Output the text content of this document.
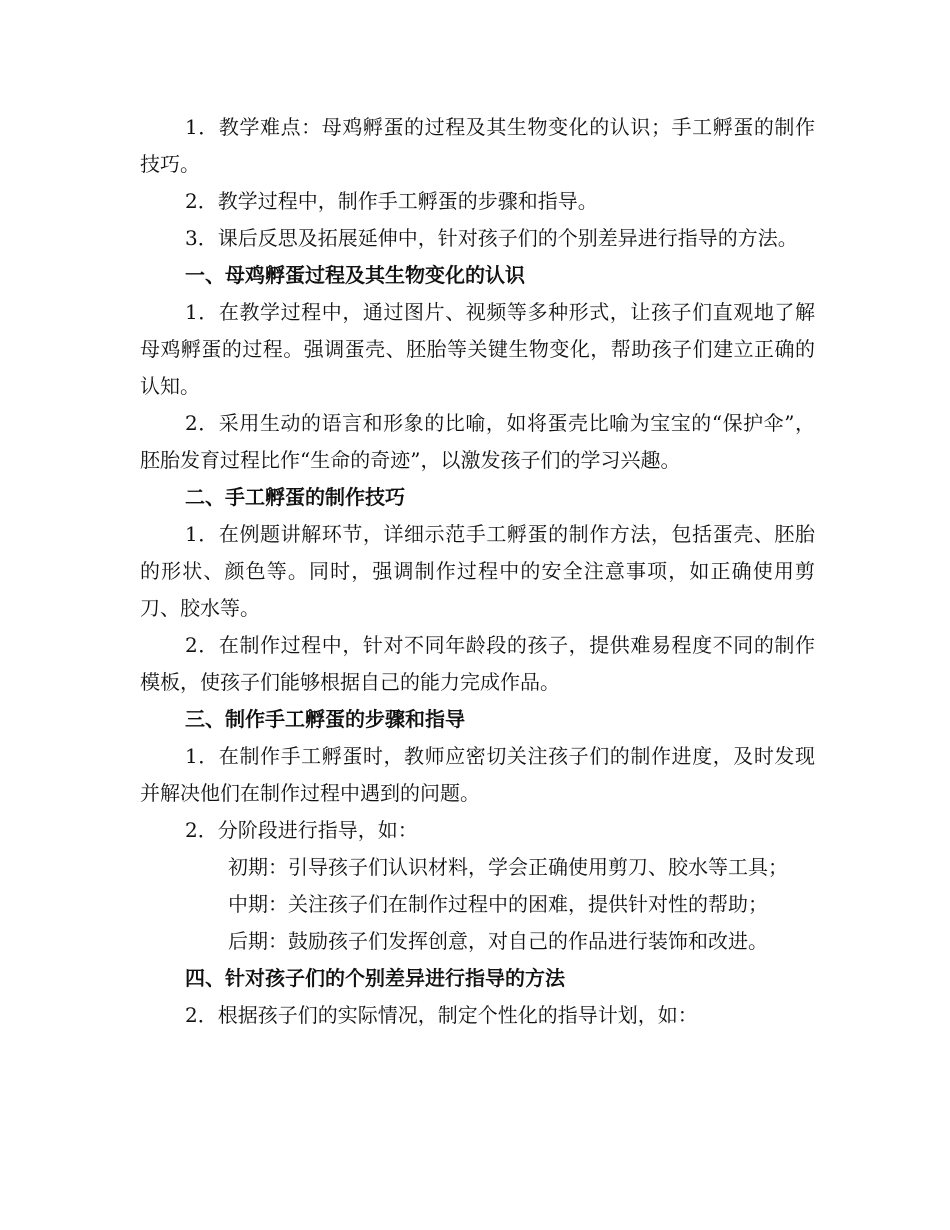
1．教学难点：母鸡孵蛋的过程及其生物变化的认识；手工孵蛋的制作技巧。

2．教学过程中，制作手工孵蛋的步骤和指导。

3．课后反思及拓展延伸中，针对孩子们的个别差异进行指导的方法。

一、母鸡孵蛋过程及其生物变化的认识

1．在教学过程中，通过图片、视频等多种形式，让孩子们直观地了解母鸡孵蛋的过程。强调蛋壳、胚胎等关键生物变化，帮助孩子们建立正确的认知。

2．采用生动的语言和形象的比喻，如将蛋壳比喻为宝宝的“保护伞”，胚胎发育过程比作“生命的奇迹”，以激发孩子们的学习兴趣。

二、手工孵蛋的制作技巧

1．在例题讲解环节，详细示范手工孵蛋的制作方法，包括蛋壳、胚胎的形状、颜色等。同时，强调制作过程中的安全注意事项，如正确使用剪刀、胶水等。

2．在制作过程中，针对不同年龄段的孩子，提供难易程度不同的制作模板，使孩子们能够根据自己的能力完成作品。

三、制作手工孵蛋的步骤和指导

1．在制作手工孵蛋时，教师应密切关注孩子们的制作进度，及时发现并解决他们在制作过程中遇到的问题。

2．分阶段进行指导，如：

初期：引导孩子们认识材料，学会正确使用剪刀、胶水等工具；

中期：关注孩子们在制作过程中的困难，提供针对性的帮助；

后期：鼓励孩子们发挥创意，对自己的作品进行装饰和改进。

四、针对孩子们的个别差异进行指导的方法

2．根据孩子们的实际情况，制定个性化的指导计划，如：
